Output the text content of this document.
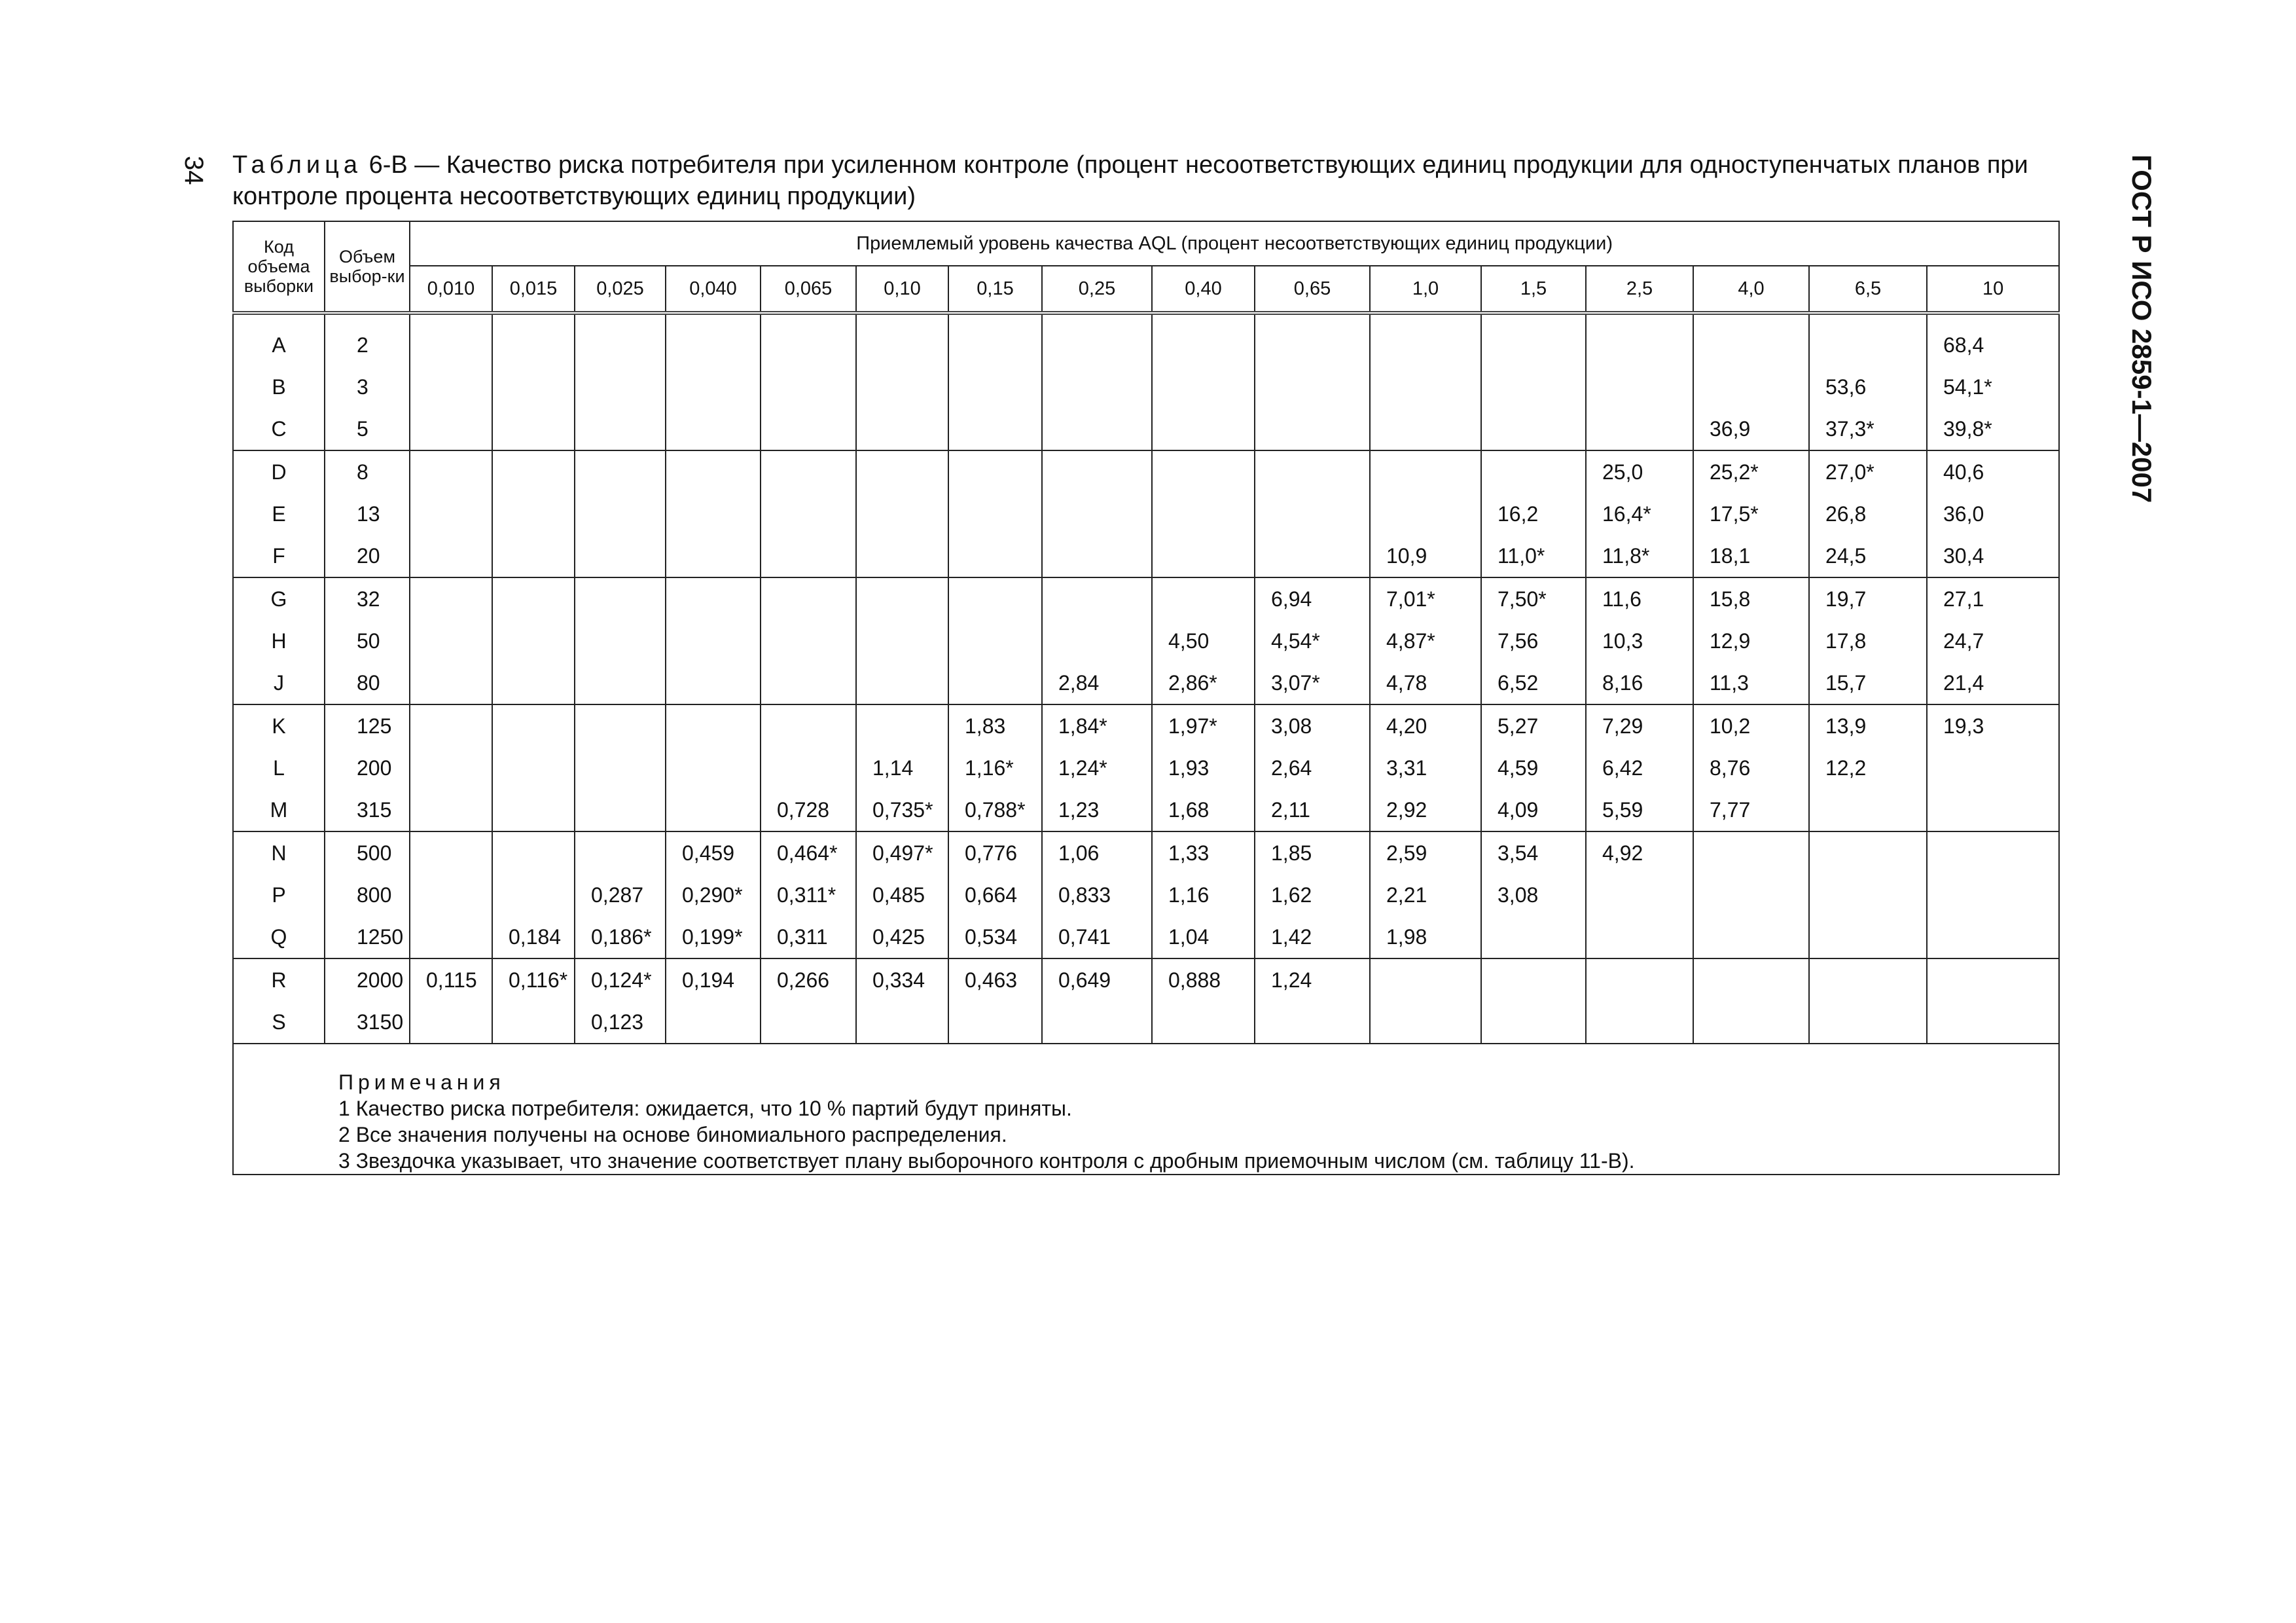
34	ГОСТ Р ИСО 2859-1—2007
Таблица 6-В — Качество риска потребителя при усиленном контроле (процент несоответствующих единиц продукции для одноступенчатых планов при контроле процента несоответствующих единиц продукции)
Код объема выборки	Объем выбор-ки	Приемлемый уровень качества AQL (процент несоответствующих единиц продукции)															
		0,010	0,015	0,025	0,040	0,065	0,10	0,15	0,25	0,40	0,65	1,0	1,5	2,5	4,0	6,5	10
A	2																68,4
B	3															53,6	54,1*
C	5														36,9	37,3*	39,8*
D	8													25,0	25,2*	27,0*	40,6
E	13												16,2	16,4*	17,5*	26,8	36,0
F	20											10,9	11,0*	11,8*	18,1	24,5	30,4
G	32										6,94	7,01*	7,50*	11,6	15,8	19,7	27,1
H	50									4,50	4,54*	4,87*	7,56	10,3	12,9	17,8	24,7
J	80								2,84	2,86*	3,07*	4,78	6,52	8,16	11,3	15,7	21,4
K	125							1,83	1,84*	1,97*	3,08	4,20	5,27	7,29	10,2	13,9	19,3
L	200						1,14	1,16*	1,24*	1,93	2,64	3,31	4,59	6,42	8,76	12,2	
M	315					0,728	0,735*	0,788*	1,23	1,68	2,11	2,92	4,09	5,59	7,77		
N	500				0,459	0,464*	0,497*	0,776	1,06	1,33	1,85	2,59	3,54	4,92			
P	800			0,287	0,290*	0,311*	0,485	0,664	0,833	1,16	1,62	2,21	3,08				
Q	1250		0,184	0,186*	0,199*	0,311	0,425	0,534	0,741	1,04	1,42	1,98					
R	2000	0,115	0,116*	0,124*	0,194	0,266	0,334	0,463	0,649	0,888	1,24						
S	3150			0,123													

Примечания
1 Качество риска потребителя: ожидается, что 10 % партий будут приняты.
2 Все значения получены на основе биномиального распределения.
3 Звездочка указывает, что значение соответствует плану выборочного контроля с дробным приемочным числом (см. таблицу 11-В).																	
